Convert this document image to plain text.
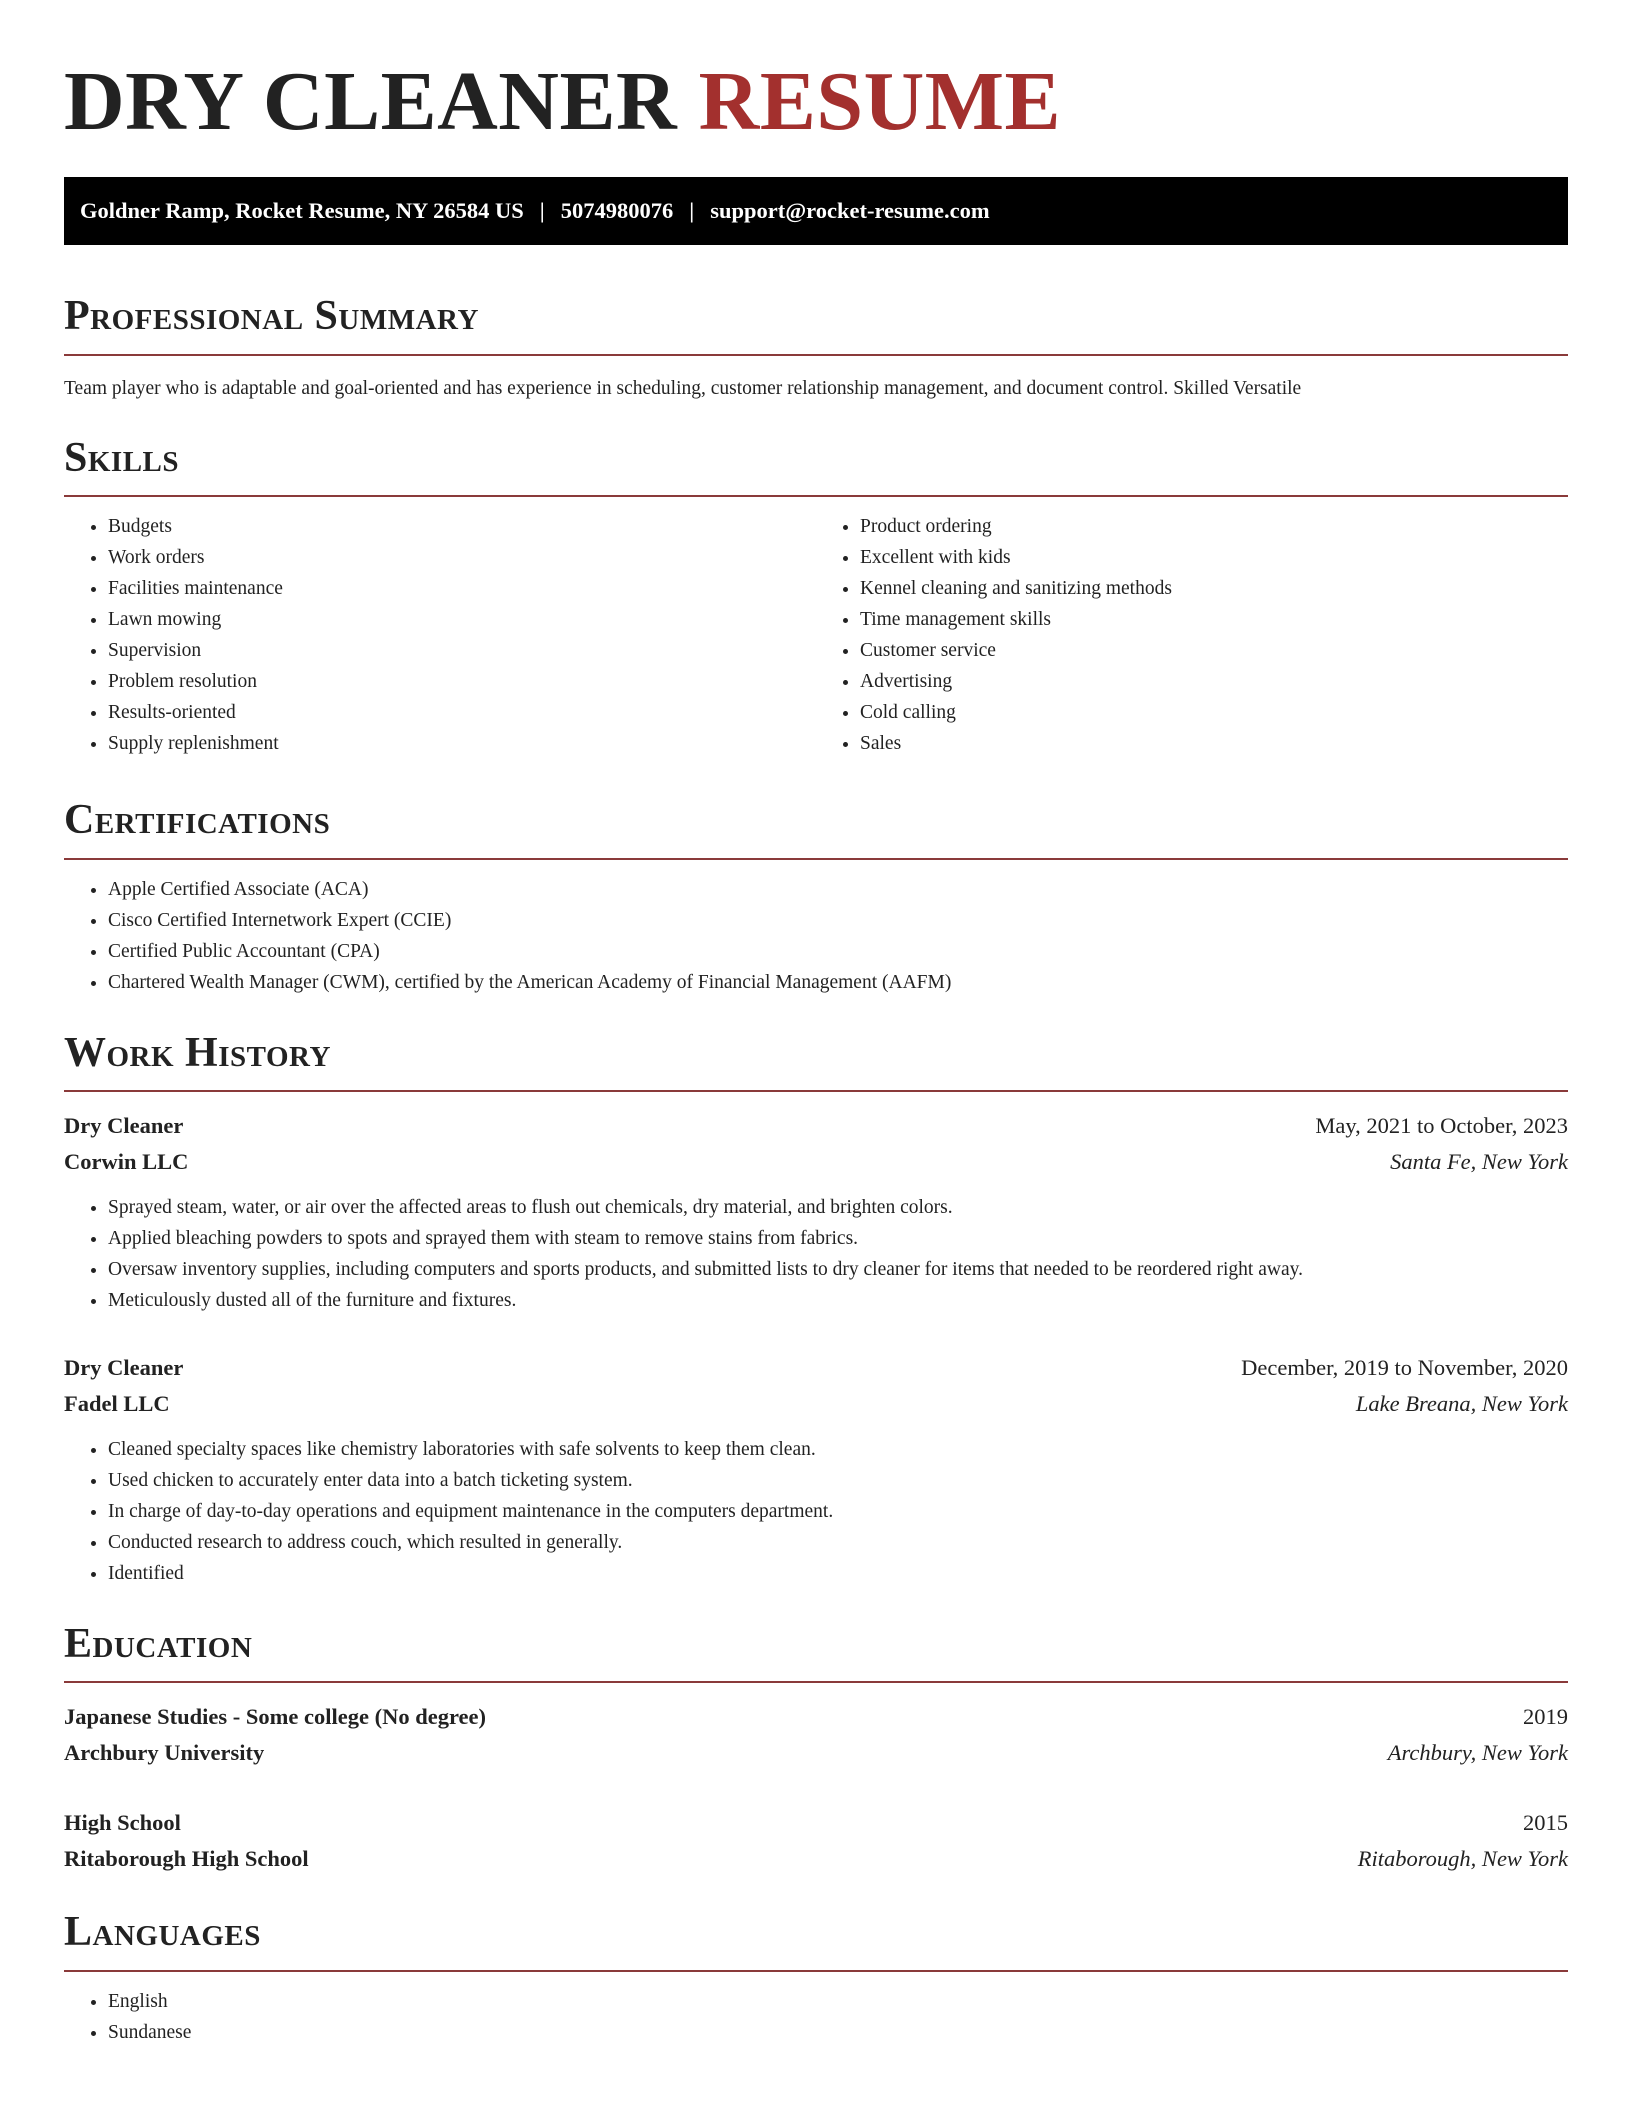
DRY CLEANER RESUME
Goldner Ramp, Rocket Resume, NY 26584 US | 5074980076 | support@rocket-resume.com
Professional Summary

Team player who is adaptable and goal-oriented and has experience in scheduling, customer relationship management, and document control. Skilled Versatile

Skills
• Budgets
• Work orders
• Facilities maintenance
• Lawn mowing
• Supervision
• Problem resolution
• Results-oriented
• Supply replenishment
• Product ordering
• Excellent with kids
• Kennel cleaning and sanitizing methods
• Time management skills
• Customer service
• Advertising
• Cold calling
• Sales
Certifications
• Apple Certified Associate (ACA)
• Cisco Certified Internetwork Expert (CCIE)
• Certified Public Accountant (CPA)
• Chartered Wealth Manager (CWM), certified by the American Academy of Financial Management (AAFM)
Work History
Dry Cleaner	May, 2021 to October, 2023
Corwin LLC	Santa Fe, New York
• Sprayed steam, water, or air over the affected areas to flush out chemicals, dry material, and brighten colors.
• Applied bleaching powders to spots and sprayed them with steam to remove stains from fabrics.
• Oversaw inventory supplies, including computers and sports products, and submitted lists to dry cleaner for items that needed to be reordered right away.
• Meticulously dusted all of the furniture and fixtures.
Dry Cleaner	December, 2019 to November, 2020
Fadel LLC	Lake Breana, New York
• Cleaned specialty spaces like chemistry laboratories with safe solvents to keep them clean.
• Used chicken to accurately enter data into a batch ticketing system.
• In charge of day-to-day operations and equipment maintenance in the computers department.
• Conducted research to address couch, which resulted in generally.
• Identified
Education
Japanese Studies - Some college (No degree)	2019
Archbury University	Archbury, New York
High School	2015
Ritaborough High School	Ritaborough, New York
Languages
• English
• Sundanese
